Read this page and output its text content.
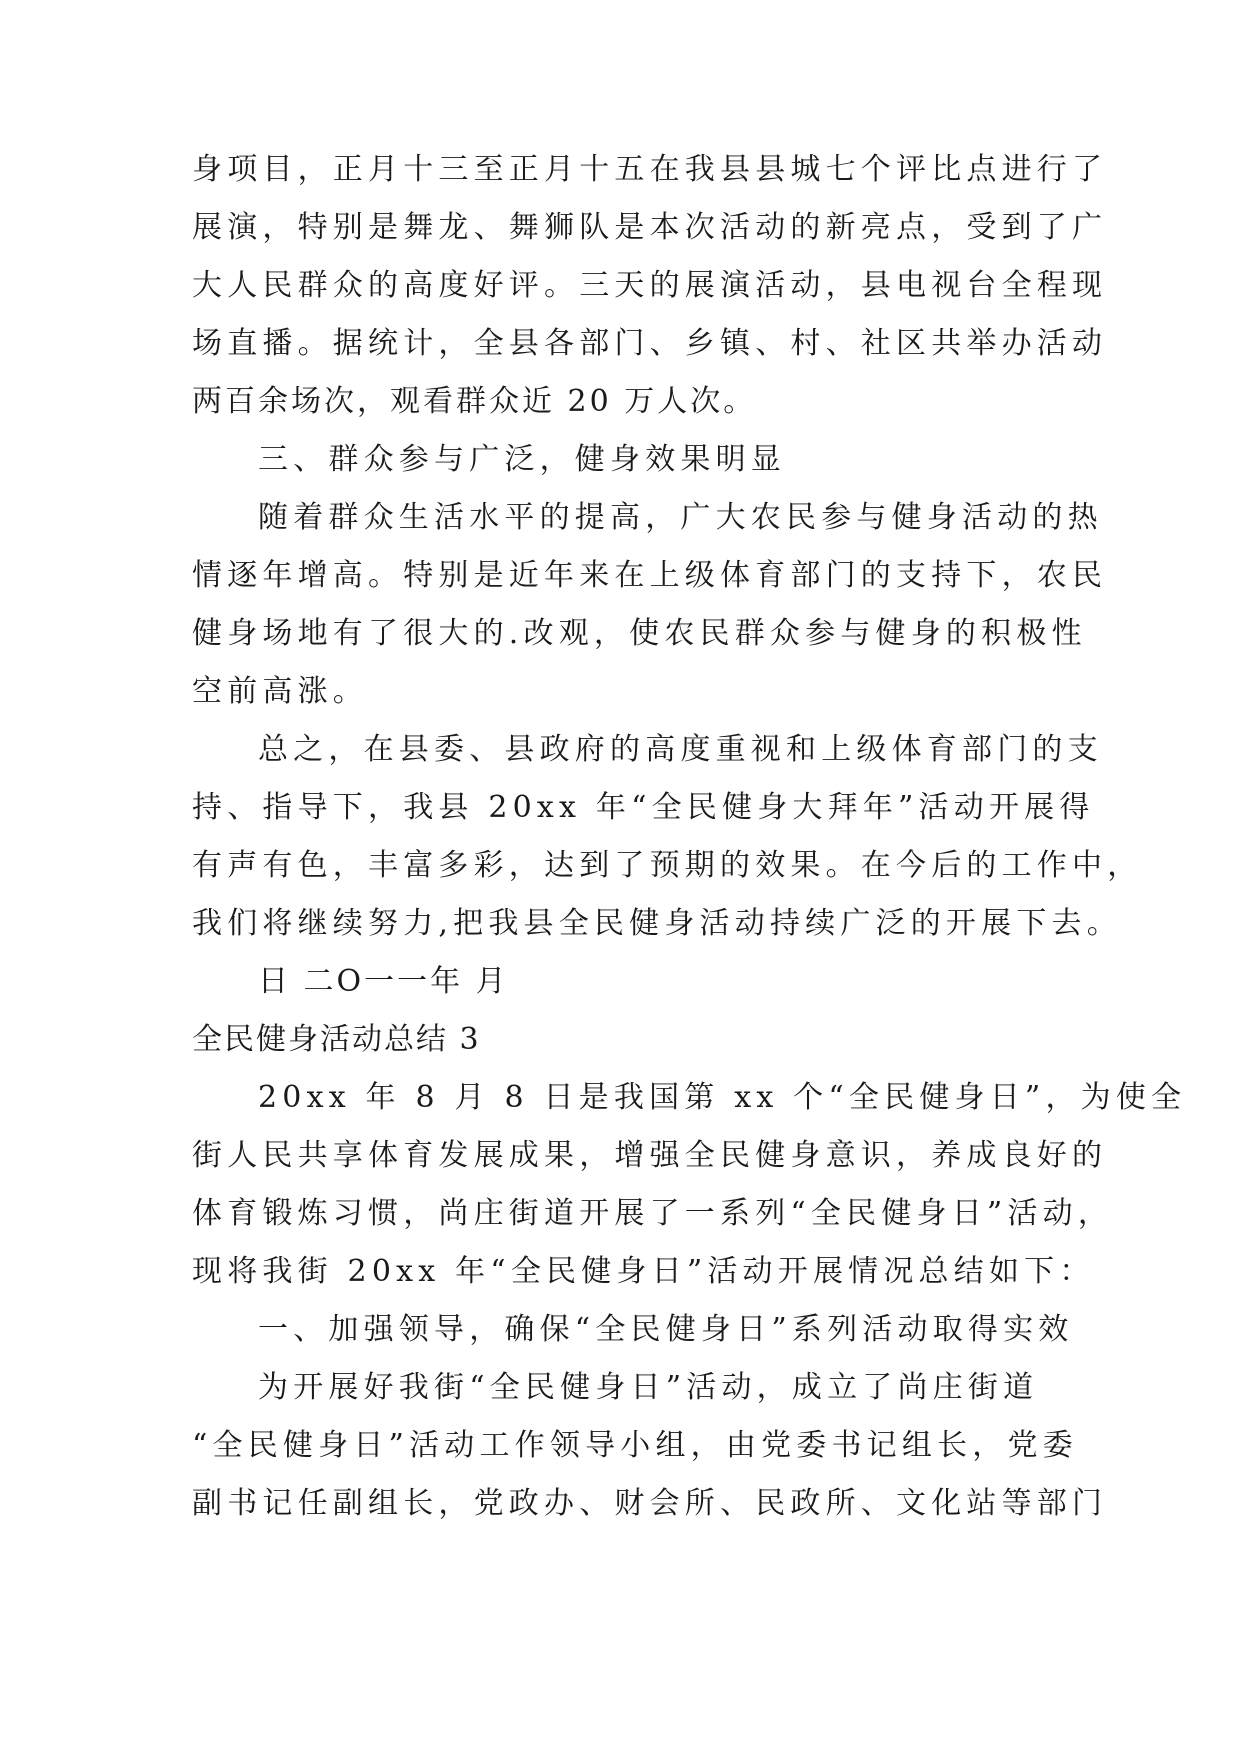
身项目，正月十三至正月十五在我县县城七个评比点进行了
展演，特别是舞龙、舞狮队是本次活动的新亮点，受到了广
大人民群众的高度好评。三天的展演活动，县电视台全程现
场直播。据统计，全县各部门、乡镇、村、社区共举办活动
两百余场次，观看群众近 20 万人次。
三、群众参与广泛，健身效果明显
随着群众生活水平的提高，广大农民参与健身活动的热
情逐年增高。特别是近年来在上级体育部门的支持下，农民
健身场地有了很大的.改观，使农民群众参与健身的积极性
空前高涨。
总之，在县委、县政府的高度重视和上级体育部门的支
持、指导下，我县 20xx 年“全民健身大拜年”活动开展得
有声有色，丰富多彩，达到了预期的效果。在今后的工作中，
我们将继续努力,把我县全民健身活动持续广泛的开展下去。
日 二O一一年 月
全民健身活动总结 3
20xx 年 8 月 8 日是我国第 xx 个“全民健身日”，为使全
街人民共享体育发展成果，增强全民健身意识，养成良好的
体育锻炼习惯，尚庄街道开展了一系列“全民健身日”活动，
现将我街 20xx 年“全民健身日”活动开展情况总结如下：
一、加强领导，确保“全民健身日”系列活动取得实效
为开展好我街“全民健身日”活动，成立了尚庄街道
“全民健身日”活动工作领导小组，由党委书记组长，党委
副书记任副组长，党政办、财会所、民政所、文化站等部门
